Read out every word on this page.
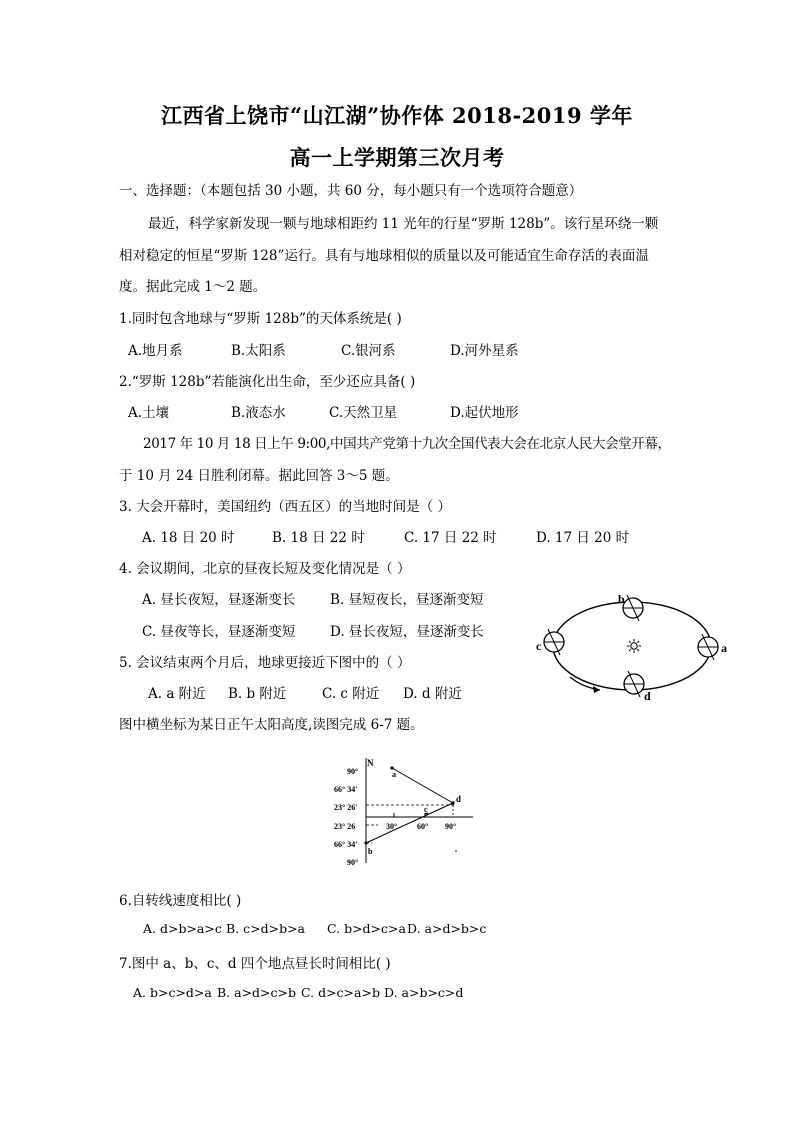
江西省上饶市“山江湖”协作体 2018-2019 学年
高一上学期第三次月考
一、选择题：（本题包括 30 小题，共 60 分，每小题只有一个选项符合题意）
最近，科学家新发现一颗与地球相距约 11 光年的行星“罗斯 128b”。该行星环绕一颗
相对稳定的恒星“罗斯 128”运行。具有与地球相似的质量以及可能适宜生命存活的表面温
度。据此完成 1～2 题。
1.同时包含地球与“罗斯 128b”的天体系统是( )
A.地月系	B.太阳系	C.银河系	D.河外星系
2.“罗斯 128b”若能演化出生命，至少还应具备( )
A.土壤	B.液态水	C.天然卫星	D.起伏地形
2017 年 10 月 18 日上午 9:00,中国共产党第十九次全国代表大会在北京人民大会堂开幕，
于 10 月 24 日胜利闭幕。据此回答 3～5 题。
3. 大会开幕时，美国纽约（西五区）的当地时间是（ ）
A. 18 日 20 时	B. 18 日 22 时	C. 17 日 22 时	D. 17 日 20 时
4. 会议期间，北京的昼夜长短及变化情况是（ ）
A. 昼长夜短，昼逐渐变长	B. 昼短夜长，昼逐渐变短
C. 昼夜等长，昼逐渐变短	D. 昼长夜短，昼逐渐变长
5. 会议结束两个月后，地球更接近下图中的（ ）
A. a 附近 B. b 附近	C. c 附近 D. d 附近
b
c	a
d
图中横坐标为某日正午太阳高度,读图完成 6-7 题。
N
90°
66° 34′
23° 26′
23° 26
66° 34′
90°
30° 60° 90°
a
b
c
d
6.自转线速度相比( )
A. d>b>a>c B. c>d>b>a C. b>d>c>a D. a>d>b>c
7.图中 a、b、c、d 四个地点昼长时间相比( )
A. b>c>d>a B. a>d>c>b C. d>c>a>b D. a>b>c>d
